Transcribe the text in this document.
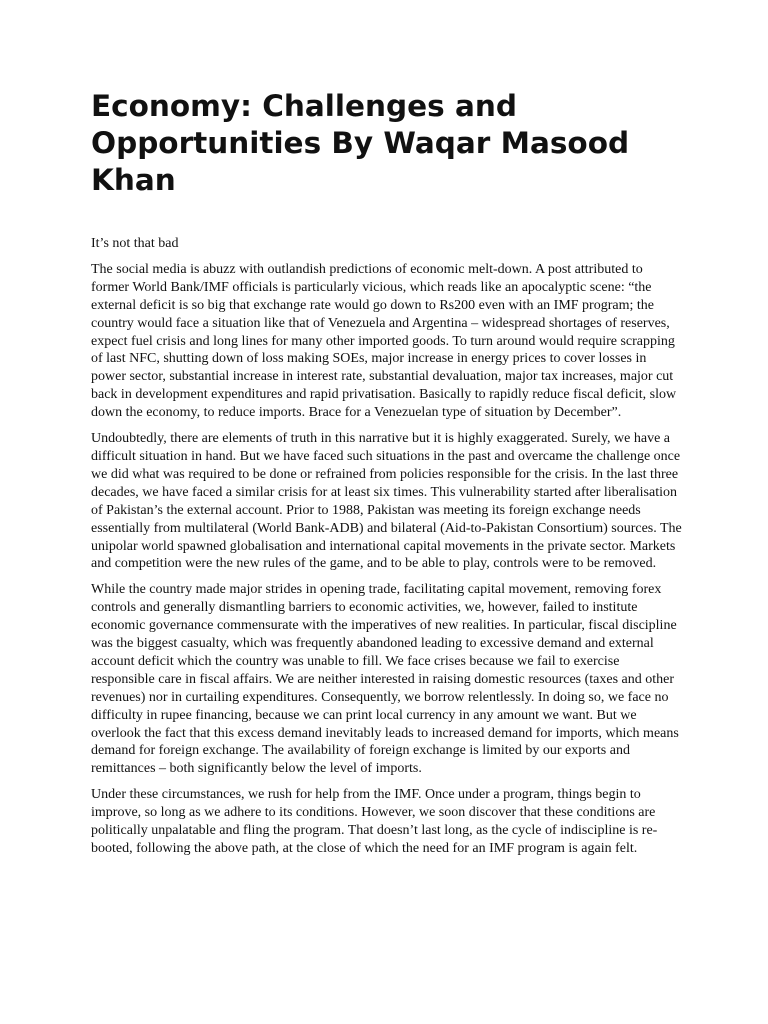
Economy: Challenges and Opportunities By Waqar Masood Khan

It’s not that bad

The social media is abuzz with outlandish predictions of economic melt-down. A post attributed to former World Bank/IMF officials is particularly vicious, which reads like an apocalyptic scene: “the external deficit is so big that exchange rate would go down to Rs200 even with an IMF program; the country would face a situation like that of Venezuela and Argentina – widespread shortages of reserves, expect fuel crisis and long lines for many other imported goods. To turn around would require scrapping of last NFC, shutting down of loss making SOEs, major increase in energy prices to cover losses in power sector, substantial increase in interest rate, substantial devaluation, major tax increases, major cut back in development expenditures and rapid privatisation. Basically to rapidly reduce fiscal deficit, slow down the economy, to reduce imports. Brace for a Venezuelan type of situation by December”.

Undoubtedly, there are elements of truth in this narrative but it is highly exaggerated. Surely, we have a difficult situation in hand. But we have faced such situations in the past and overcame the challenge once we did what was required to be done or refrained from policies responsible for the crisis. In the last three decades, we have faced a similar crisis for at least six times. This vulnerability started after liberalisation of Pakistan’s the external account. Prior to 1988, Pakistan was meeting its foreign exchange needs essentially from multilateral (World Bank-ADB) and bilateral (Aid-to-Pakistan Consortium) sources. The unipolar world spawned globalisation and international capital movements in the private sector. Markets and competition were the new rules of the game, and to be able to play, controls were to be removed.

While the country made major strides in opening trade, facilitating capital movement, removing forex controls and generally dismantling barriers to economic activities, we, however, failed to institute economic governance commensurate with the imperatives of new realities. In particular, fiscal discipline was the biggest casualty, which was frequently abandoned leading to excessive demand and external account deficit which the country was unable to fill. We face crises because we fail to exercise responsible care in fiscal affairs. We are neither interested in raising domestic resources (taxes and other revenues) nor in curtailing expenditures. Consequently, we borrow relentlessly. In doing so, we face no difficulty in rupee financing, because we can print local currency in any amount we want. But we overlook the fact that this excess demand inevitably leads to increased demand for imports, which means demand for foreign exchange. The availability of foreign exchange is limited by our exports and remittances – both significantly below the level of imports.

Under these circumstances, we rush for help from the IMF. Once under a program, things begin to improve, so long as we adhere to its conditions. However, we soon discover that these conditions are politically unpalatable and fling the program. That doesn’t last long, as the cycle of indiscipline is re-booted, following the above path, at the close of which the need for an IMF program is again felt.
